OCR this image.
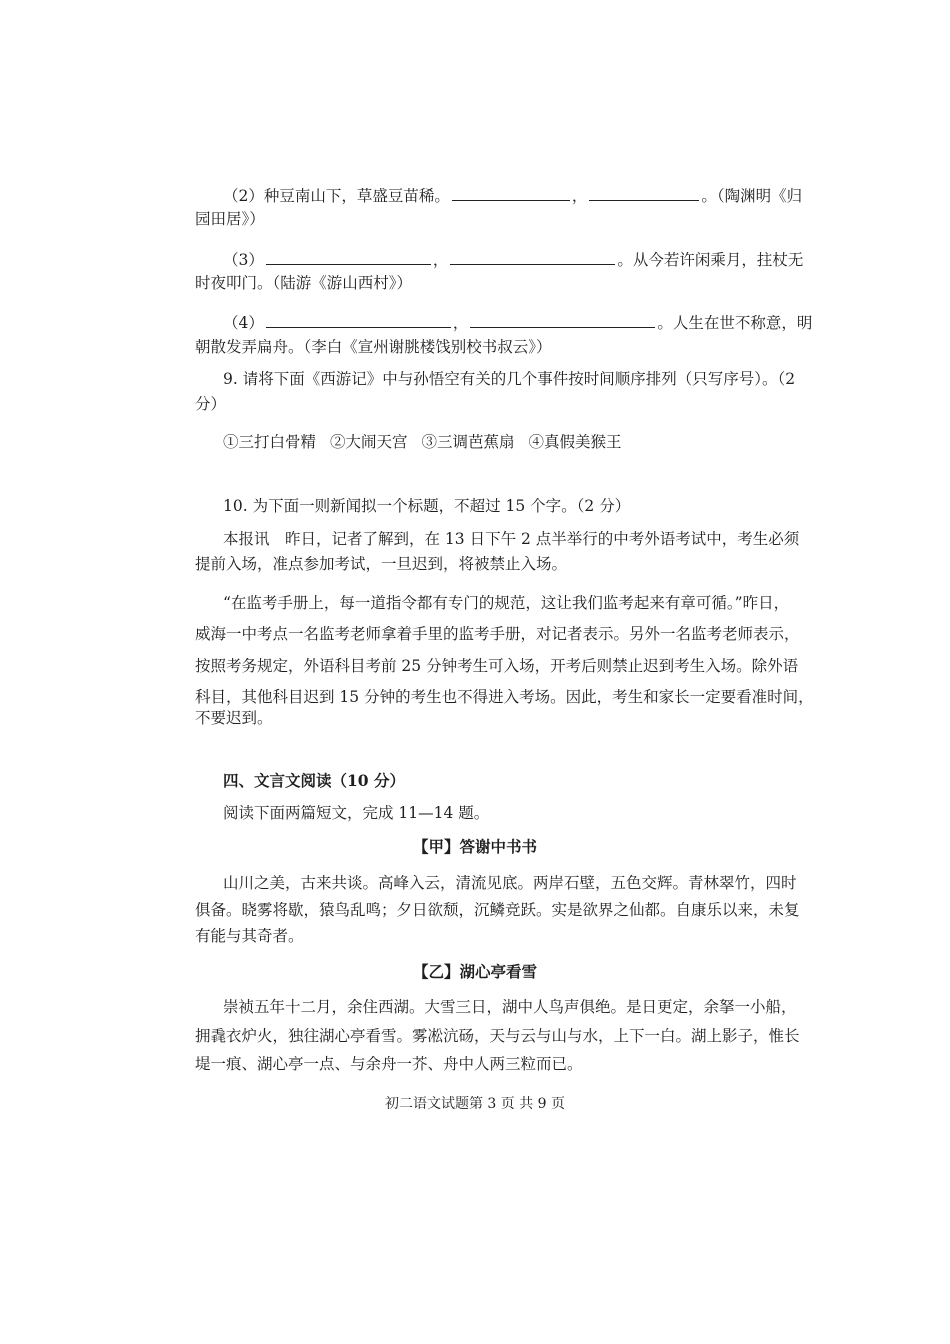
（2）种豆南山下，草盛豆苗稀。	，	。（陶渊明《归
园田居》）
（3）	，	。从今若许闲乘月，拄杖无
时夜叩门。（陆游《游山西村》）
（4）	，	。人生在世不称意，明
朝散发弄扁舟。（李白《宣州谢朓楼饯别校书叔云》）
9. 请将下面《西游记》中与孙悟空有关的几个事件按时间顺序排列（只写序号）。（2
分）
①三打白骨精 ②大闹天宫 ③三调芭蕉扇 ④真假美猴王
10. 为下面一则新闻拟一个标题，不超过 15 个字。（2 分）
本报讯　昨日，记者了解到，在 13 日下午 2 点半举行的中考外语考试中，考生必须
提前入场，准点参加考试，一旦迟到，将被禁止入场。
“在监考手册上，每一道指令都有专门的规范，这让我们监考起来有章可循。”昨日，
威海一中考点一名监考老师拿着手里的监考手册，对记者表示。另外一名监考老师表示，
按照考务规定，外语科目考前 25 分钟考生可入场，开考后则禁止迟到考生入场。除外语
科目，其他科目迟到 15 分钟的考生也不得进入考场。因此，考生和家长一定要看准时间，
不要迟到。
四、文言文阅读（10 分）
阅读下面两篇短文，完成 11—14 题。
【甲】答谢中书书
山川之美，古来共谈。高峰入云，清流见底。两岸石壁，五色交辉。青林翠竹，四时
俱备。晓雾将歇，猿鸟乱鸣；夕日欲颓，沉鳞竞跃。实是欲界之仙都。自康乐以来，未复
有能与其奇者。
【乙】湖心亭看雪
崇祯五年十二月，余住西湖。大雪三日，湖中人鸟声俱绝。是日更定，余拏一小船，
拥毳衣炉火，独往湖心亭看雪。雾凇沆砀，天与云与山与水，上下一白。湖上影子，惟长
堤一痕、湖心亭一点、与余舟一芥、舟中人两三粒而已。
初二语文试题第 3 页 共 9 页
